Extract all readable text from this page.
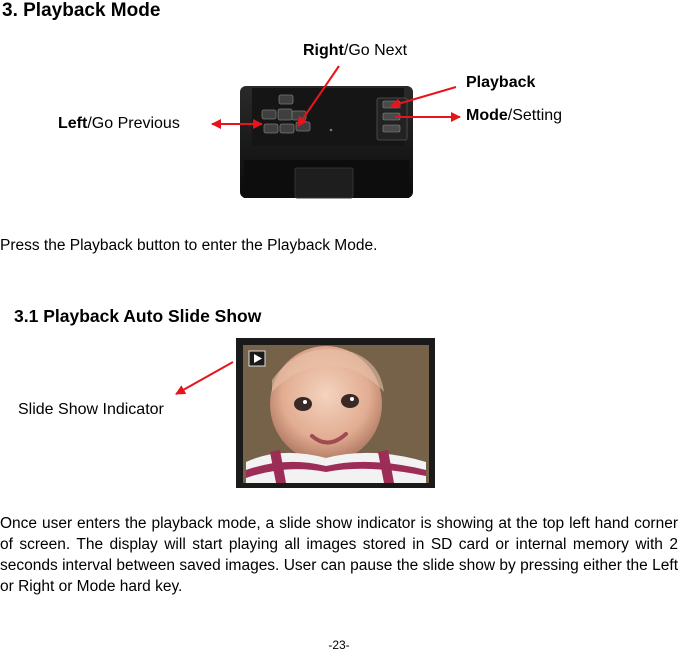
3. Playback Mode
Right/Go Next
Left/Go Previous
Playback
Mode/Setting
Press the Playback button to enter the Playback Mode.
3.1 Playback Auto Slide Show
Slide Show Indicator
Once user enters the playback mode, a slide show indicator is showing at the top left hand corner of screen. The display will start playing all images stored in SD card or internal memory with 2 seconds interval between saved images. User can pause the slide show by pressing either the Left or Right or Mode hard key.
-23-
